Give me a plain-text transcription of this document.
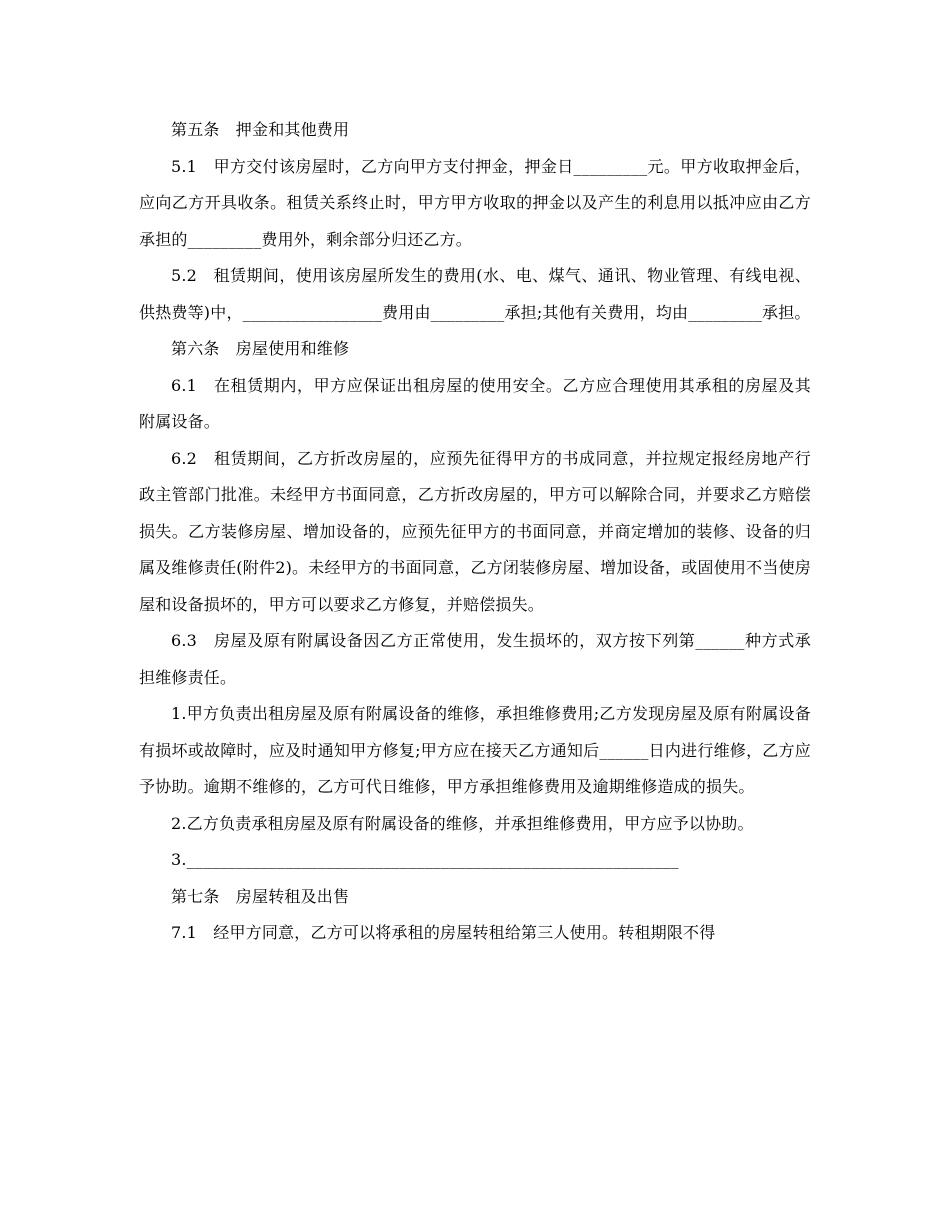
第五条　押金和其他费用

5.1　甲方交付该房屋时，乙方向甲方支付押金，押金日_________元。甲方收取押金后，应向乙方开具收条。租赁关系终止时，甲方甲方收取的押金以及产生的利息用以抵冲应由乙方承担的_________费用外，剩余部分归还乙方。

5.2　租赁期间，使用该房屋所发生的费用(水、电、煤气、通讯、物业管理、有线电视、供热费等)中，_________________费用由_________承担;其他有关费用，均由_________承担。

第六条　房屋使用和维修

6.1　在租赁期内，甲方应保证出租房屋的使用安全。乙方应合理使用其承租的房屋及其附属设备。

6.2　租赁期间，乙方折改房屋的，应预先征得甲方的书成同意，并拉规定报经房地产行政主管部门批准。未经甲方书面同意，乙方折改房屋的，甲方可以解除合同，并要求乙方赔偿损失。乙方装修房屋、增加设备的，应预先征甲方的书面同意，并商定增加的装修、设备的归属及维修责任(附件2)。未经甲方的书面同意，乙方闭装修房屋、增加设备，或固使用不当使房屋和设备损坏的，甲方可以要求乙方修复，并赔偿损失。

6.3　房屋及原有附属设备因乙方正常使用，发生损坏的，双方按下列第______种方式承担维修责任。

1.甲方负责出租房屋及原有附属设备的维修，承担维修费用;乙方发现房屋及原有附属设备有损坏或故障时，应及时通知甲方修复;甲方应在接天乙方通知后______日内进行维修，乙方应予协助。逾期不维修的，乙方可代日维修，甲方承担维修费用及逾期维修造成的损失。

2.乙方负责承租房屋及原有附属设备的维修，并承担维修费用，甲方应予以协助。

3.____________________________________________________________

第七条　房屋转租及出售

7.1　经甲方同意，乙方可以将承租的房屋转租给第三人使用。转租期限不得
